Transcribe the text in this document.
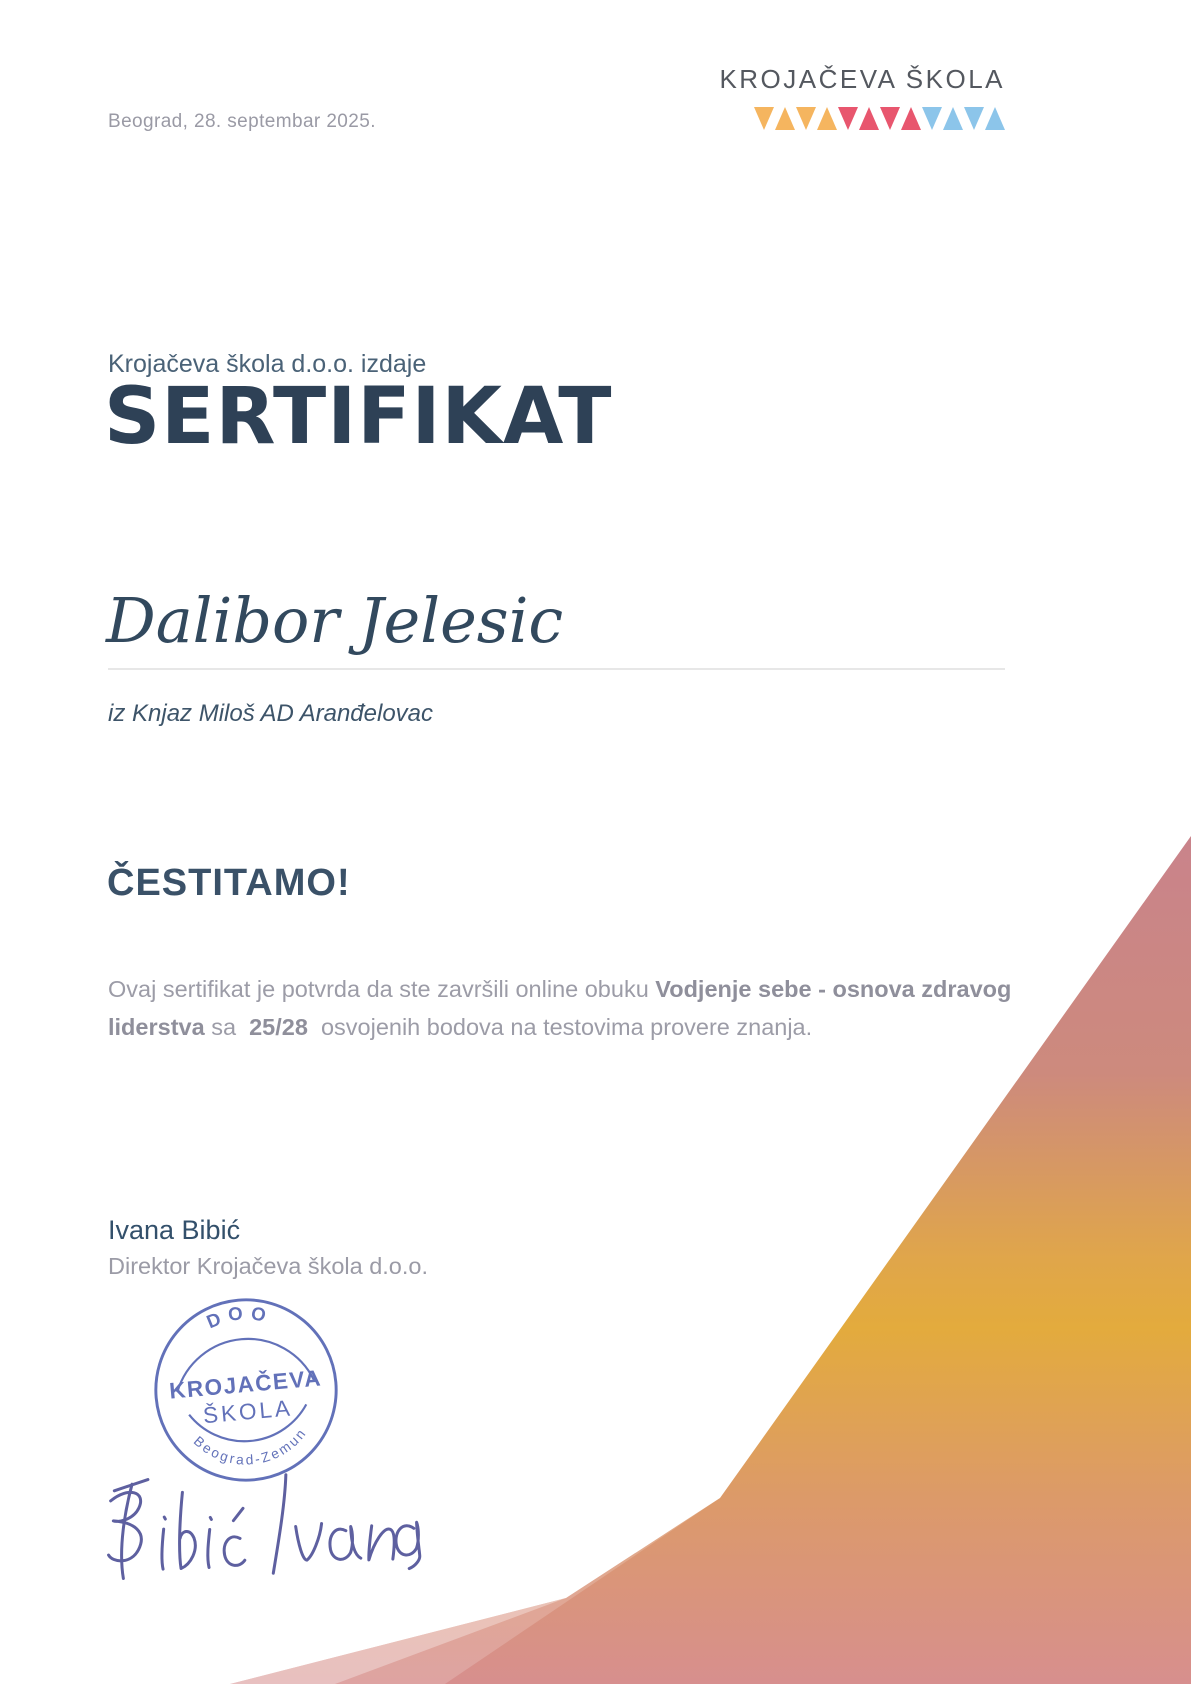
Beograd, 28. septembar 2025.
KROJAČEVA ŠKOLA
Krojačeva škola d.o.o. izdaje
SERTIFIKAT
Dalibor Jelesic
iz Knjaz Miloš AD Aranđelovac
ČESTITAMO!

Ovaj sertifikat je potvrda da ste završili online obuku Vodjenje sebe - osnova zdravog liderstva sa  25/28  osvojenih bodova na testovima provere znanja.

Ivana Bibić
Direktor Krojačeva škola d.o.o.
DOO
KROJAČEVA
ŠKOLA
Beograd-Zemun
